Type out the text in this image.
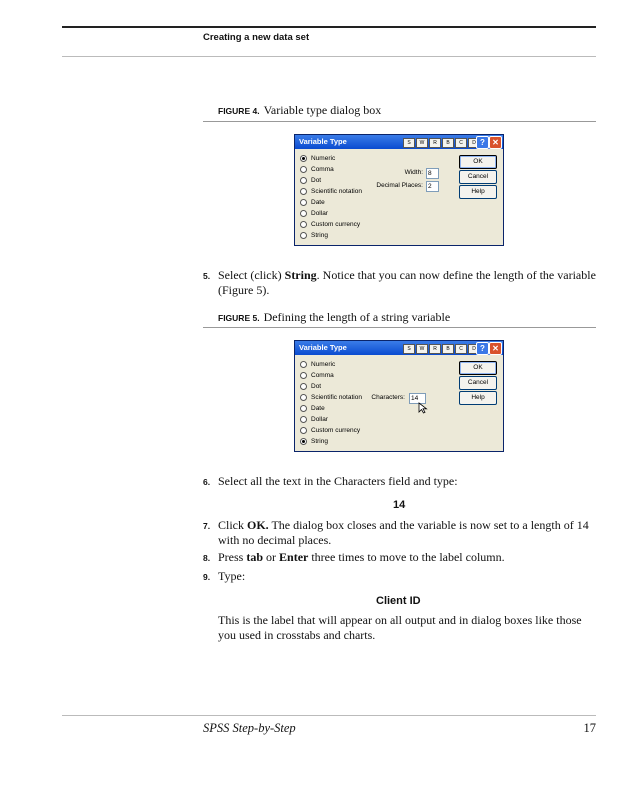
Creating a new data set
FIGURE 4. Variable type dialog box
Variable Type	S	W	R	B	C	D ? ✕
Numeric
Comma
Dot
Scientific notation
Date
Dollar
Custom currency
String
Width: 8
Decimal Places: 2
OK
Cancel
Help
5. Select (click) String. Notice that you can now define the length of the variable (Figure 5).
FIGURE 5. Defining the length of a string variable
Variable Type	S	W	R	B	C	D ? ✕
Numeric
Comma
Dot
Scientific notation
Date
Dollar
Custom currency
String
Characters: 14
OK
Cancel
Help
6. Select all the text in the Characters field and type:
14
7. Click OK. The dialog box closes and the variable is now set to a length of 14 with no decimal places.
8. Press tab or Enter three times to move to the label column.
9. Type:
Client ID
This is the label that will appear on all output and in dialog boxes like those you used in crosstabs and charts.
SPSS Step-by-Step	17
